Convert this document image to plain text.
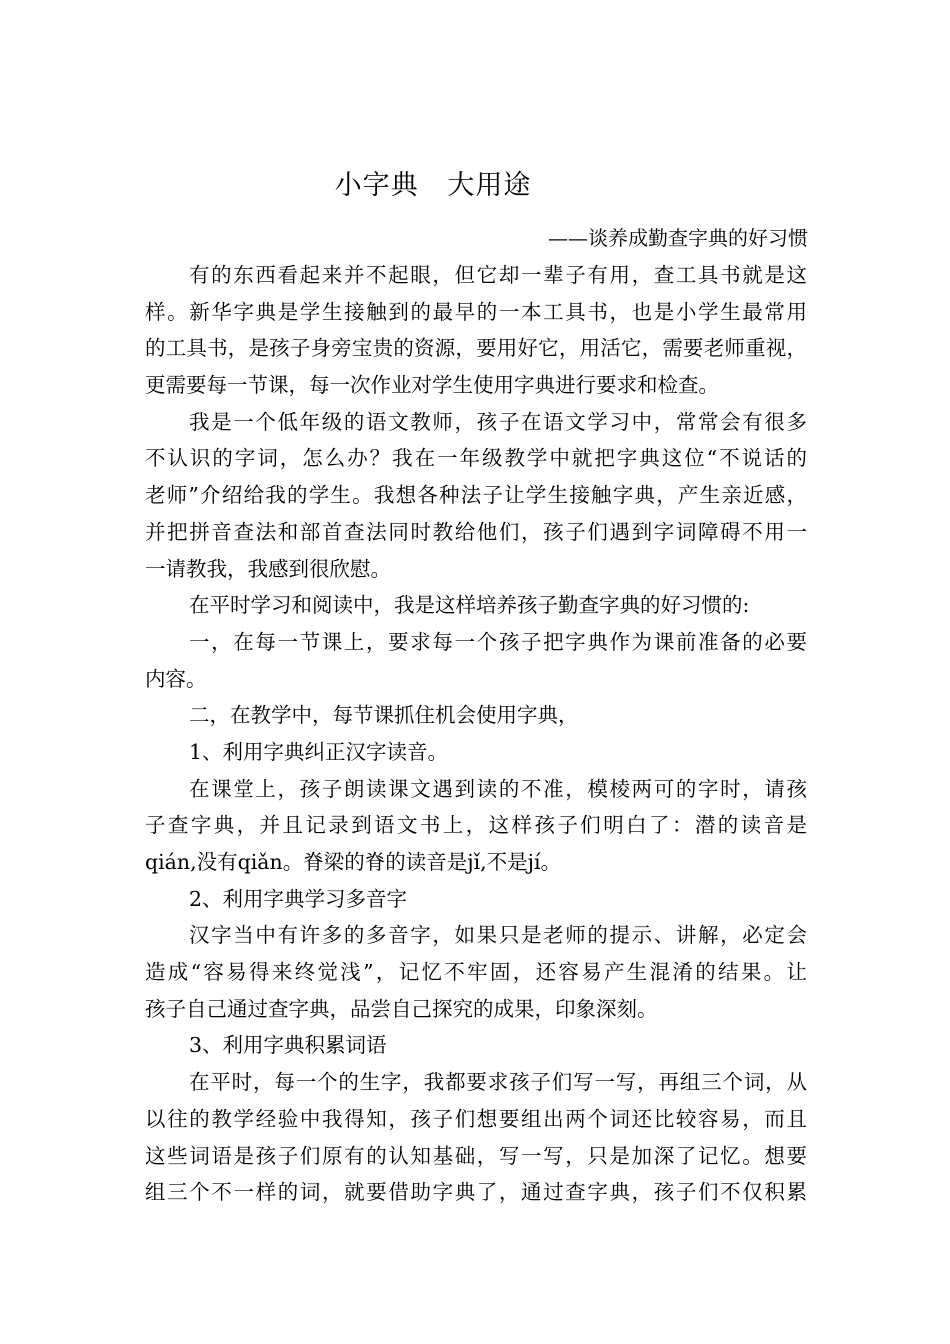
小字典   大用途
——谈养成勤查字典的好习惯
有的东西看起来并不起眼，但它却一辈子有用，查工具书就是这
样。新华字典是学生接触到的最早的一本工具书，也是小学生最常用
的工具书，是孩子身旁宝贵的资源，要用好它，用活它，需要老师重视，
更需要每一节课，每一次作业对学生使用字典进行要求和检查。
我是一个低年级的语文教师，孩子在语文学习中，常常会有很多
不认识的字词，怎么办？我在一年级教学中就把字典这位“不说话的
老师”介绍给我的学生。我想各种法子让学生接触字典，产生亲近感，
并把拼音查法和部首查法同时教给他们，孩子们遇到字词障碍不用一
一请教我，我感到很欣慰。
在平时学习和阅读中，我是这样培养孩子勤查字典的好习惯的:
一，在每一节课上，要求每一个孩子把字典作为课前准备的必要
内容。
二，在教学中，每节课抓住机会使用字典，
1、利用字典纠正汉字读音。
在课堂上，孩子朗读课文遇到读的不准，模棱两可的字时，请孩
子查字典，并且记录到语文书上，这样孩子们明白了：潜的读音是
qián,没有qiǎn。脊梁的脊的读音是jǐ,不是jí。
2、利用字典学习多音字
汉字当中有许多的多音字，如果只是老师的提示、讲解，必定会
造成“容易得来终觉浅”，记忆不牢固，还容易产生混淆的结果。让
孩子自己通过查字典，品尝自己探究的成果，印象深刻。
3、利用字典积累词语
在平时，每一个的生字，我都要求孩子们写一写，再组三个词，从
以往的教学经验中我得知，孩子们想要组出两个词还比较容易，而且
这些词语是孩子们原有的认知基础，写一写，只是加深了记忆。想要
组三个不一样的词，就要借助字典了，通过查字典，孩子们不仅积累
